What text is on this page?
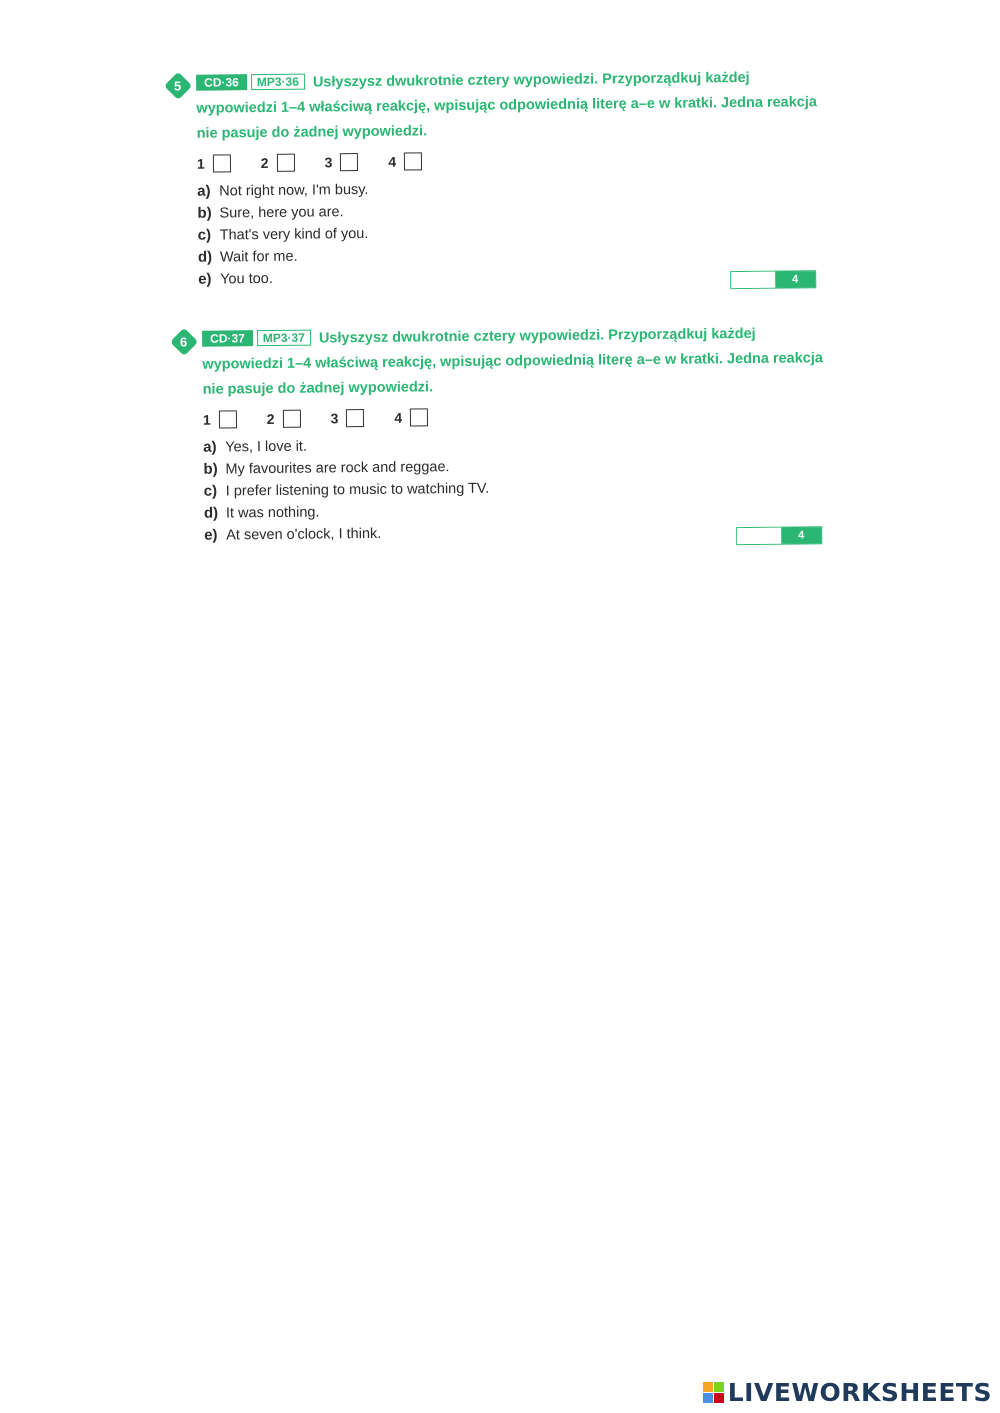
5	CD·36 MP3·36 Usłyszysz dwukrotnie cztery wypowiedzi. Przyporządkuj każdej wypowiedzi 1–4 właściwą reakcję, wpisując odpowiednią literę a–e w kratki. Jedna reakcja nie pasuje do żadnej wypowiedzi.
1	2	3	4
a) Not right now, I'm busy.
b) Sure, here you are.
c) That's very kind of you.
d) Wait for me.
e) You too.	4
6	CD·37 MP3·37 Usłyszysz dwukrotnie cztery wypowiedzi. Przyporządkuj każdej wypowiedzi 1–4 właściwą reakcję, wpisując odpowiednią literę a–e w kratki. Jedna reakcja nie pasuje do żadnej wypowiedzi.
1	2	3	4
a) Yes, I love it.
b) My favourites are rock and reggae.
c) I prefer listening to music to watching TV.
d) It was nothing.
e) At seven o'clock, I think.	4
LIVEWORKSHEETS
